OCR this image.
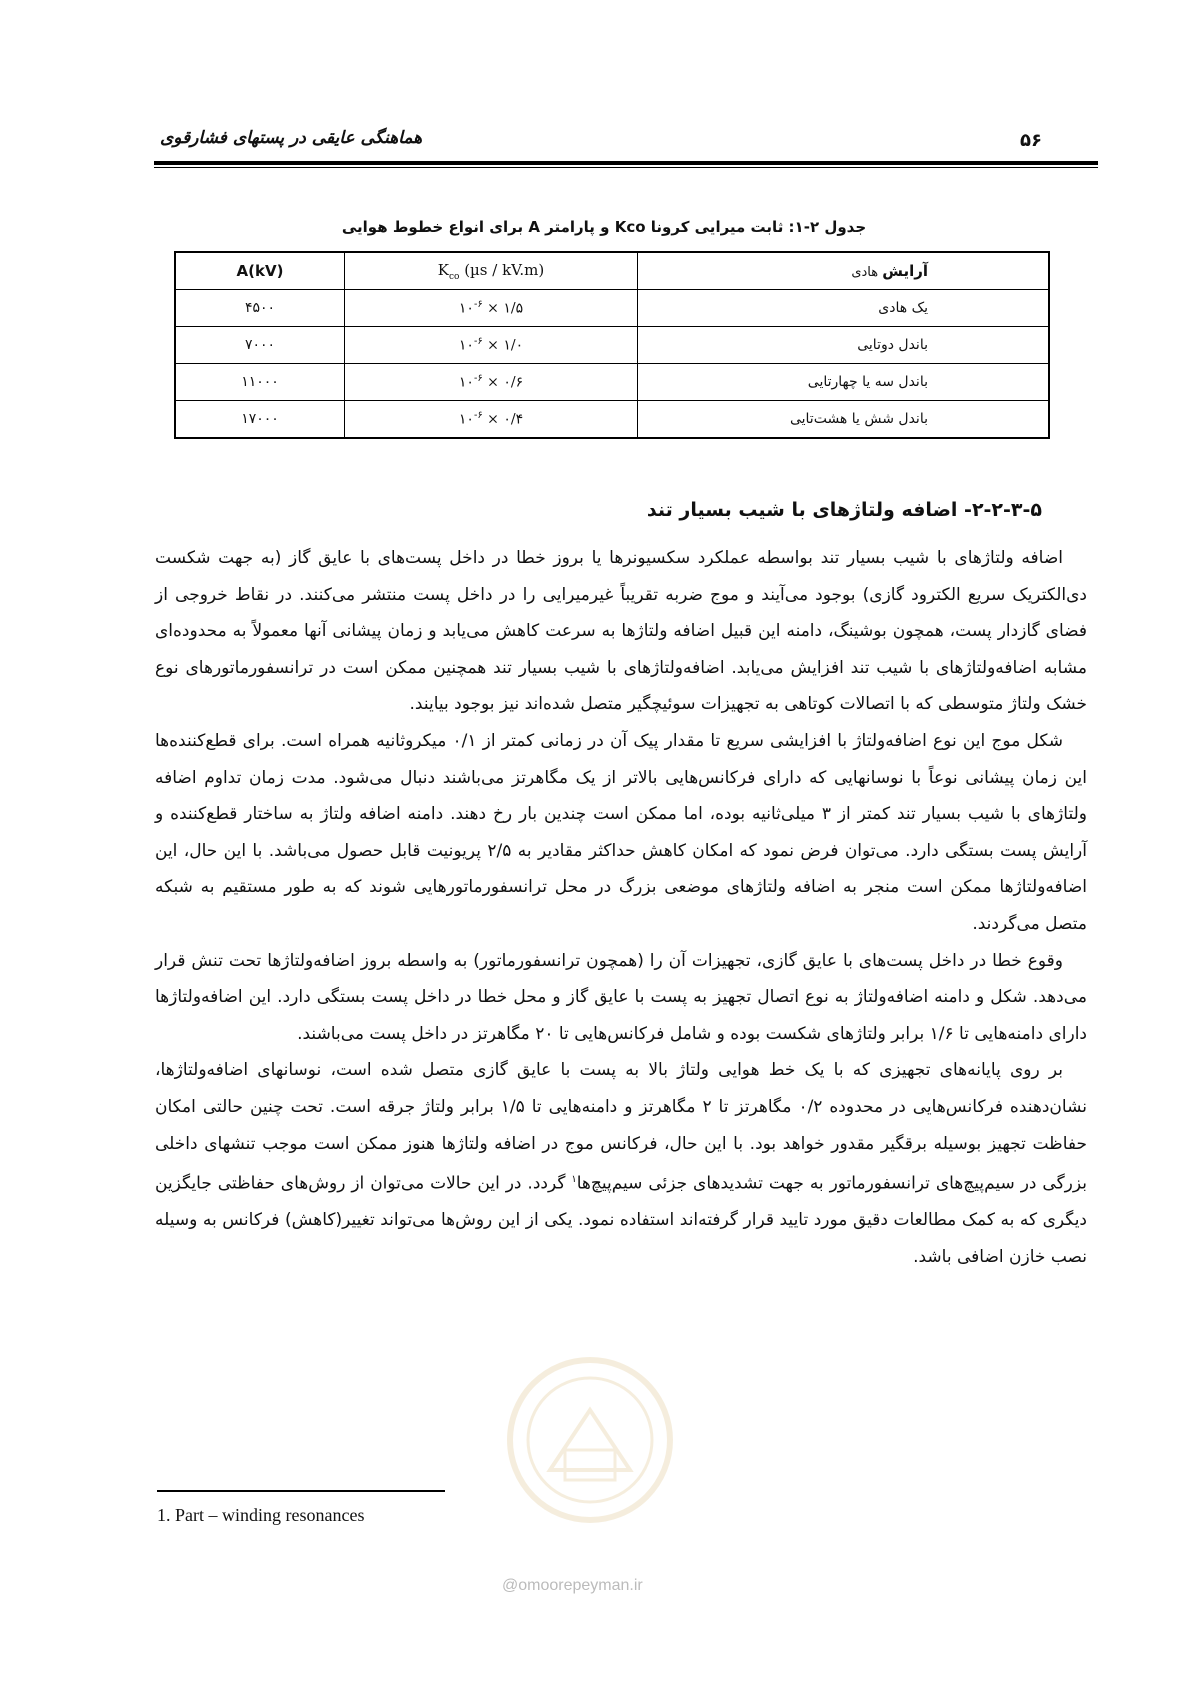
۵۶
هماهنگی عایقی در پستهای فشارقوی
جدول ۲-۱: ثابت میرایی کرونا Kco و پارامتر A برای انواع خطوط هوایی
آرایش هادی	$K_{co}$ (µs / kV.m)	A(kV)
یک هادی	۱/۵ × $۱۰^{-۶}$	۴۵۰۰
باندل دوتایی	۱/۰ × $۱۰^{-۶}$	۷۰۰۰
باندل سه یا چهارتایی	۰/۶ × $۱۰^{-۶}$	۱۱۰۰۰
باندل شش یا هشت‌تایی	۰/۴ × $۱۰^{-۶}$	۱۷۰۰۰
۲-۲-۳-۵- اضافه ولتاژهای با شیب بسیار تند

اضافه ولتاژهای با شیب بسیار تند بواسطه عملکرد سکسیونرها یا بروز خطا در داخل پست‌های با عایق گاز (به جهت شکست دی‌الکتریک سریع الکترود گازی) بوجود می‌آیند و موج ضربه تقریباً غیرمیرایی را در داخل پست منتشر می‌کنند. در نقاط خروجی از فضای گازدار پست، همچون بوشینگ، دامنه این قبیل اضافه ولتاژها به سرعت کاهش می‌یابد و زمان پیشانی آنها معمولاً به محدوده‌ای مشابه اضافه‌ولتاژهای با شیب تند افزایش می‌یابد. اضافه‌ولتاژهای با شیب بسیار تند همچنین ممکن است در ترانسفورماتورهای نوع خشک ولتاژ متوسطی که با اتصالات کوتاهی به تجهیزات سوئیچگیر متصل شده‌اند نیز بوجود بیایند.

شکل موج این نوع اضافه‌ولتاژ با افزایشی سریع تا مقدار پیک آن در زمانی کمتر از ۰/۱ میکروثانیه همراه است. برای قطع‌کننده‌ها این زمان پیشانی نوعاً با نوسانهایی که دارای فرکانس‌هایی بالاتر از یک مگاهرتز می‌باشند دنبال می‌شود. مدت زمان تداوم اضافه ولتاژهای با شیب بسیار تند کمتر از ۳ میلی‌ثانیه بوده، اما ممکن است چندین بار رخ دهند. دامنه اضافه ولتاژ به ساختار قطع‌کننده و آرایش پست بستگی دارد. می‌توان فرض نمود که امکان کاهش حداکثر مقادیر به ۲/۵ پریونیت قابل حصول می‌باشد. با این حال، این اضافه‌ولتاژها ممکن است منجر به اضافه ولتاژهای موضعی بزرگ در محل ترانسفورماتورهایی شوند که به طور مستقیم به شبکه متصل می‌گردند.

وقوع خطا در داخل پست‌های با عایق گازی، تجهیزات آن را (همچون ترانسفورماتور) به واسطه بروز اضافه‌ولتاژها تحت تنش قرار می‌دهد. شکل و دامنه اضافه‌ولتاژ به نوع اتصال تجهیز به پست با عایق گاز و محل خطا در داخل پست بستگی دارد. این اضافه‌ولتاژها دارای دامنه‌هایی تا ۱/۶ برابر ولتاژهای شکست بوده و شامل فرکانس‌هایی تا ۲۰ مگاهرتز در داخل پست می‌باشند.

بر روی پایانه‌های تجهیزی که با یک خط هوایی ولتاژ بالا به پست با عایق گازی متصل شده است، نوسانهای اضافه‌ولتاژها، نشان‌دهنده فرکانس‌هایی در محدوده ۰/۲ مگاهرتز تا ۲ مگاهرتز و دامنه‌هایی تا ۱/۵ برابر ولتاژ جرقه است. تحت چنین حالتی امکان حفاظت تجهیز بوسیله برقگیر مقدور خواهد بود. با این حال، فرکانس موج در اضافه ولتاژها هنوز ممکن است موجب تنشهای داخلی بزرگی در سیم‌پیچ‌های ترانسفورماتور به جهت تشدیدهای جزئی سیم‌پیچ‌ها$^۱$ گردد. در این حالات می‌توان از روش‌های حفاظتی جایگزین دیگری که به کمک مطالعات دقیق مورد تایید قرار گرفته‌اند استفاده نمود. یکی از این روش‌ها می‌تواند تغییر(کاهش) فرکانس به وسیله نصب خازن اضافی باشد.

@omoorepeyman.ir
1. Part – winding resonances
